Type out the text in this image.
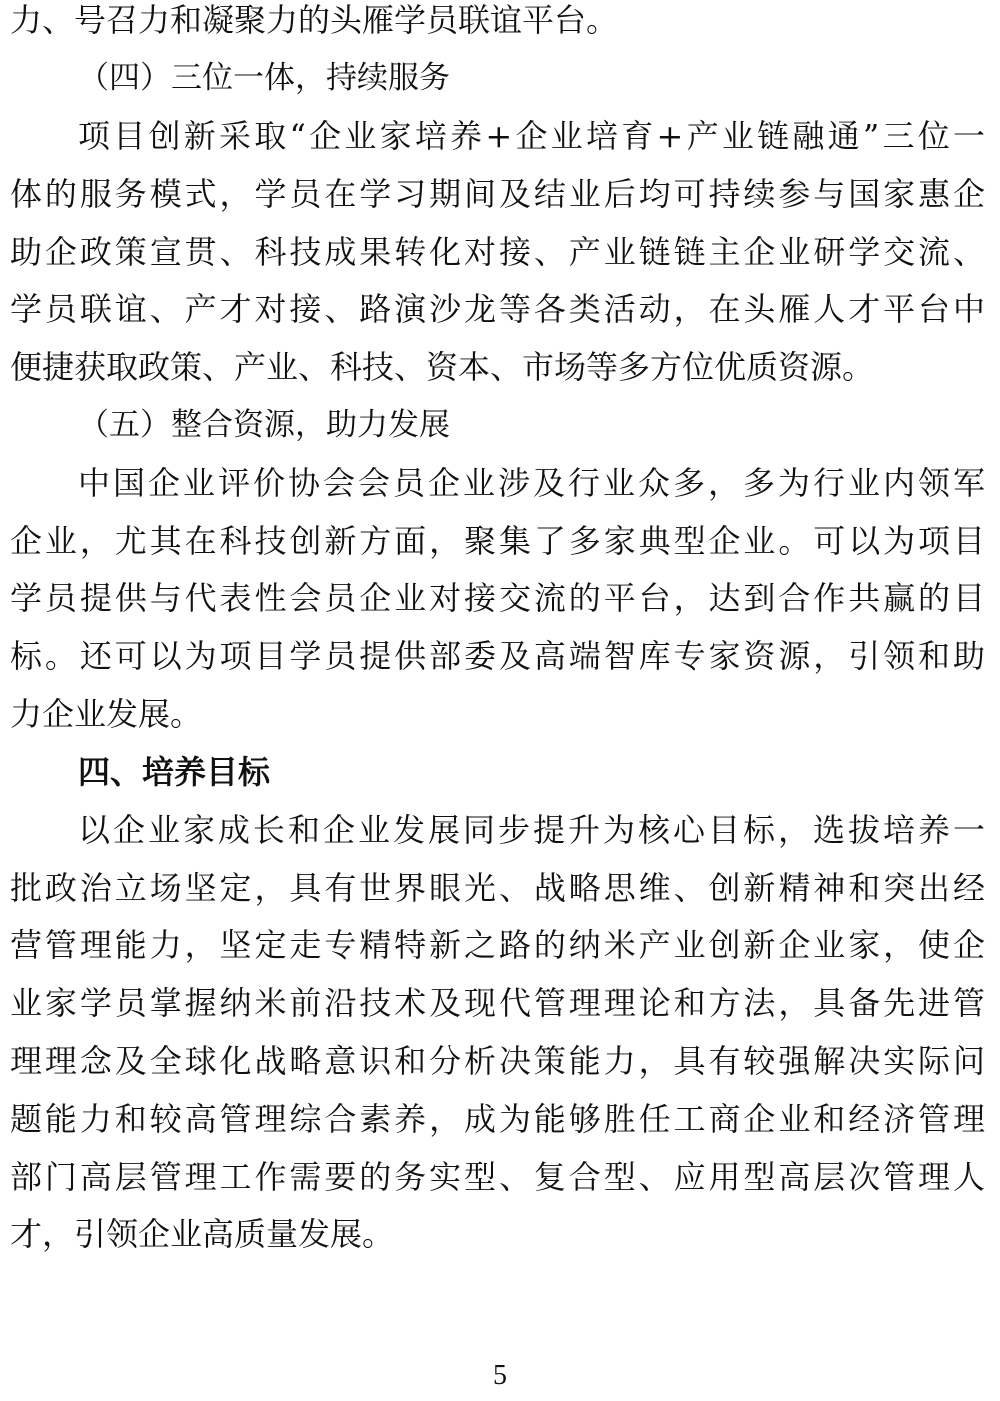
力、号召力和凝聚力的头雁学员联谊平台。
（四）三位一体，持续服务
项目创新采取“企业家培养+企业培育+产业链融通”三位一
体的服务模式，学员在学习期间及结业后均可持续参与国家惠企
助企政策宣贯、科技成果转化对接、产业链链主企业研学交流、
学员联谊、产才对接、路演沙龙等各类活动，在头雁人才平台中
便捷获取政策、产业、科技、资本、市场等多方位优质资源。
（五）整合资源，助力发展
中国企业评价协会会员企业涉及行业众多，多为行业内领军
企业，尤其在科技创新方面，聚集了多家典型企业。可以为项目
学员提供与代表性会员企业对接交流的平台，达到合作共赢的目
标。还可以为项目学员提供部委及高端智库专家资源，引领和助
力企业发展。
四、培养目标
以企业家成长和企业发展同步提升为核心目标，选拔培养一
批政治立场坚定，具有世界眼光、战略思维、创新精神和突出经
营管理能力，坚定走专精特新之路的纳米产业创新企业家，使企
业家学员掌握纳米前沿技术及现代管理理论和方法，具备先进管
理理念及全球化战略意识和分析决策能力，具有较强解决实际问
题能力和较高管理综合素养，成为能够胜任工商企业和经济管理
部门高层管理工作需要的务实型、复合型、应用型高层次管理人
才，引领企业高质量发展。
5
